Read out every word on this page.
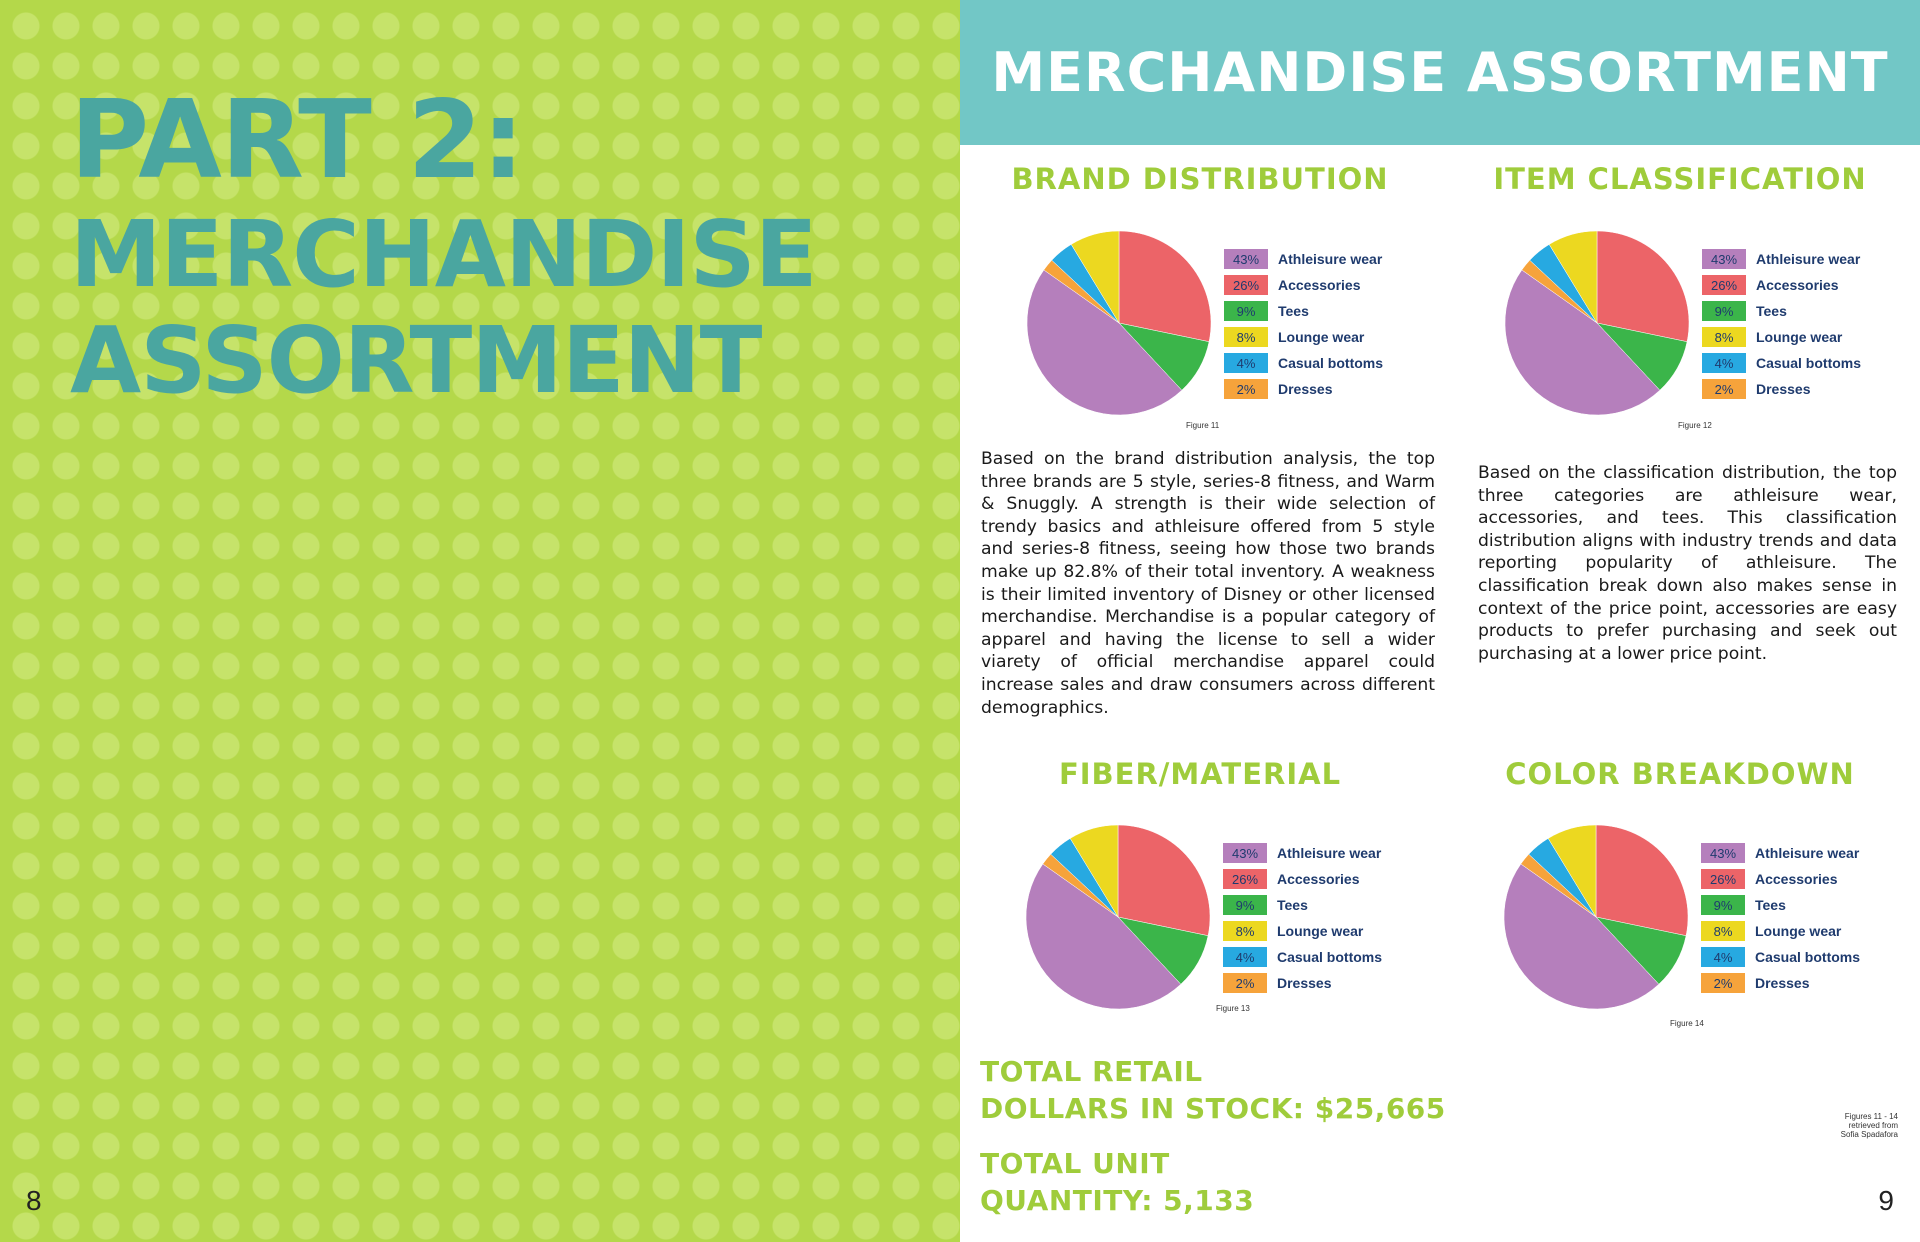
PART 2:
MERCHANDISE
ASSORTMENT
8
MERCHANDISE ASSORTMENT
BRAND DISTRIBUTION
43%	Athleisure wear
26%	Accessories
9%	Tees
8%	Lounge wear
4%	Casual bottoms
2%	Dresses
Figure 11
ITEM CLASSIFICATION
43%	Athleisure wear
26%	Accessories
9%	Tees
8%	Lounge wear
4%	Casual bottoms
2%	Dresses
Figure 12

Based on the brand distribution analysis, the top three brands are 5 style, series-8 fitness, and Warm & Snuggly. A strength is their wide selection of trendy basics and athleisure offered from 5 style and series-8 fitness, seeing how those two brands make up 82.8% of their total inventory. A weakness is their limited inventory of Disney or other licensed merchandise. Merchandise is a popular category of apparel and having the license to sell a wider viarety of official merchandise apparel could increase sales and draw consumers across different demographics.

Based on the classification distribution, the top three categories are athleisure wear, accessories, and tees. This classification distribution aligns with industry trends and data reporting popularity of athleisure. The classification break down also makes sense in context of the price point, accessories are easy products to prefer purchasing and seek out purchasing at a lower price point.

FIBER/MATERIAL
43%	Athleisure wear
26%	Accessories
9%	Tees
8%	Lounge wear
4%	Casual bottoms
2%	Dresses
Figure 13
COLOR BREAKDOWN
43%	Athleisure wear
26%	Accessories
9%	Tees
8%	Lounge wear
4%	Casual bottoms
2%	Dresses
Figure 14
TOTAL RETAIL
DOLLARS IN STOCK: $25,665
TOTAL UNIT
QUANTITY: 5,133
Figures 11 - 14
retrieved from
Sofia Spadafora
9
